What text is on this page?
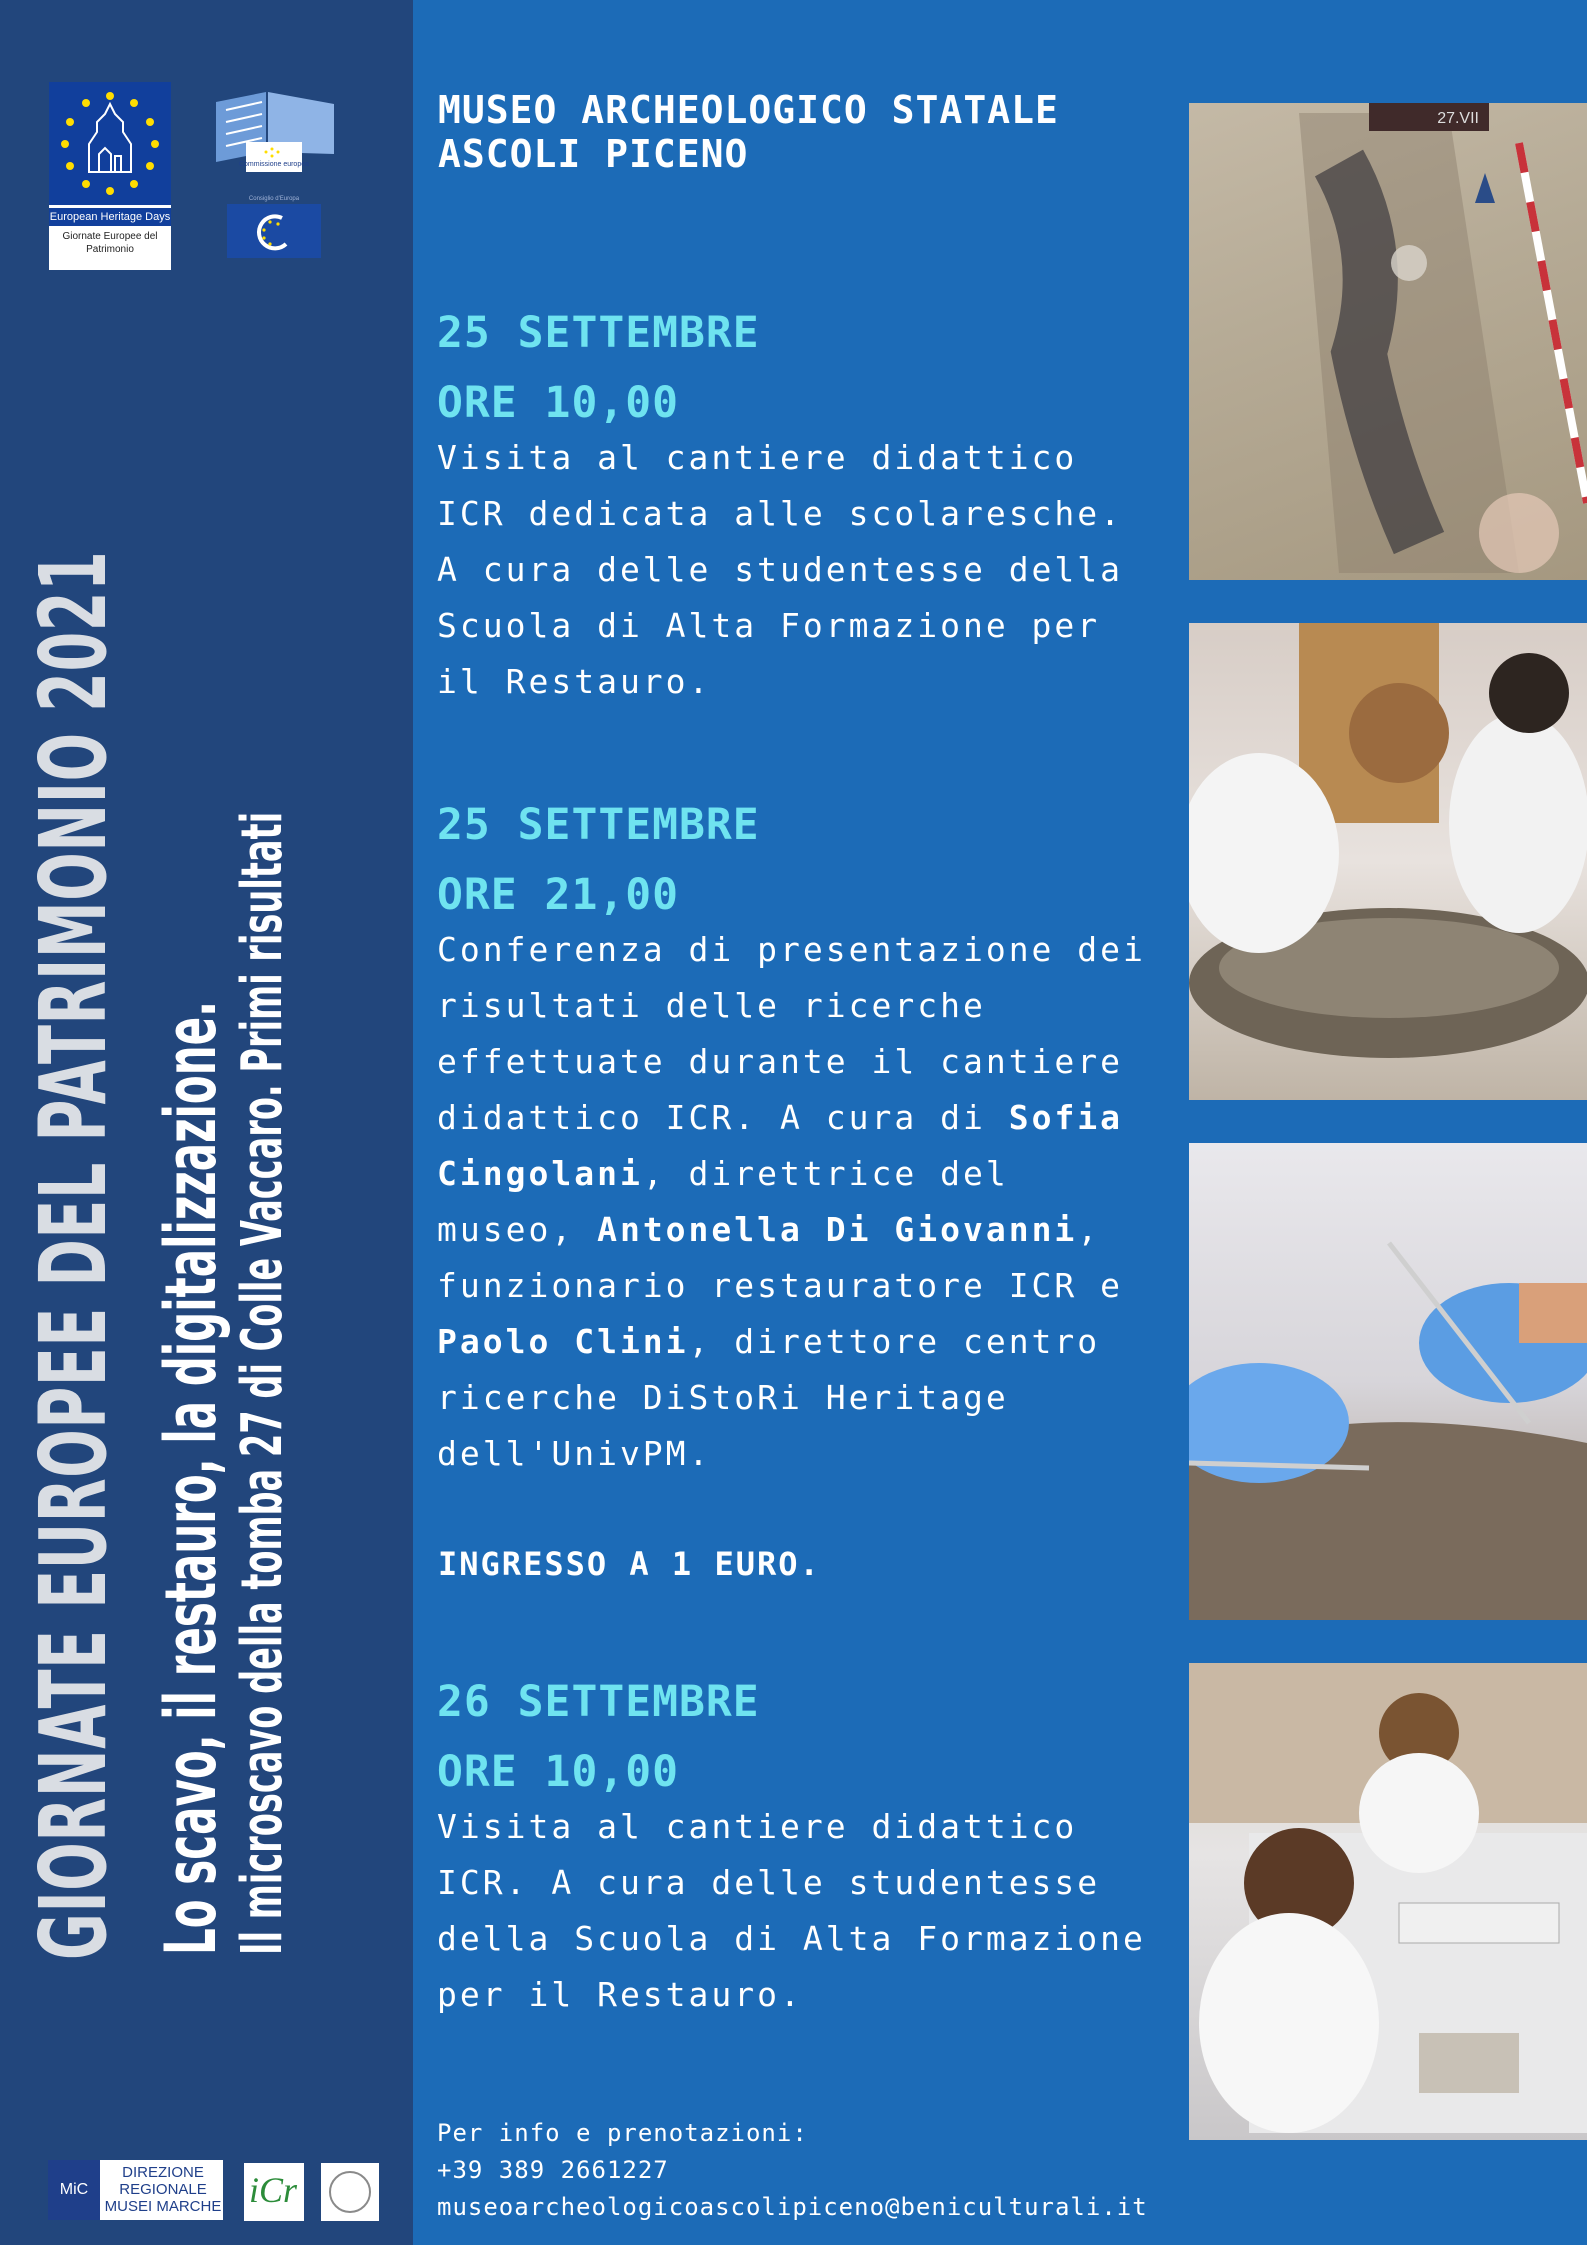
European Heritage Days
Giornate Europee del Patrimonio
Commissione europea
Consiglio d'Europa
GIORNATE EUROPEE DEL PATRIMONIO 2021 Lo scavo, il restauro, la digitalizzazione.
Il microscavo della tomba 27 di Colle Vaccaro. Primi risultati
MiC
DIREZIONE REGIONALE MUSEI MARCHE iCr
MUSEO ARCHEOLOGICO STATALE
ASCOLI PICENO
25 SETTEMBRE
ORE 10,00
Visita al cantiere didattico ICR dedicata alle scolaresche. A cura delle studentesse della Scuola di Alta Formazione per il Restauro.
25 SETTEMBRE
ORE 21,00
Conferenza di presentazione dei risultati delle ricerche effettuate durante il cantiere didattico ICR. A cura di Sofia Cingolani, direttrice del museo, Antonella Di Giovanni, funzionario restauratore ICR e Paolo Clini, direttore centro ricerche DiStoRi Heritage dell'UnivPM.
INGRESSO A 1 EURO.
26 SETTEMBRE
ORE 10,00
Visita al cantiere didattico ICR. A cura delle studentesse della Scuola di Alta Formazione per il Restauro.
Per info e prenotazioni:
+39 389 2661227
museoarcheologicoascolipiceno@beniculturali.it
27.VII
